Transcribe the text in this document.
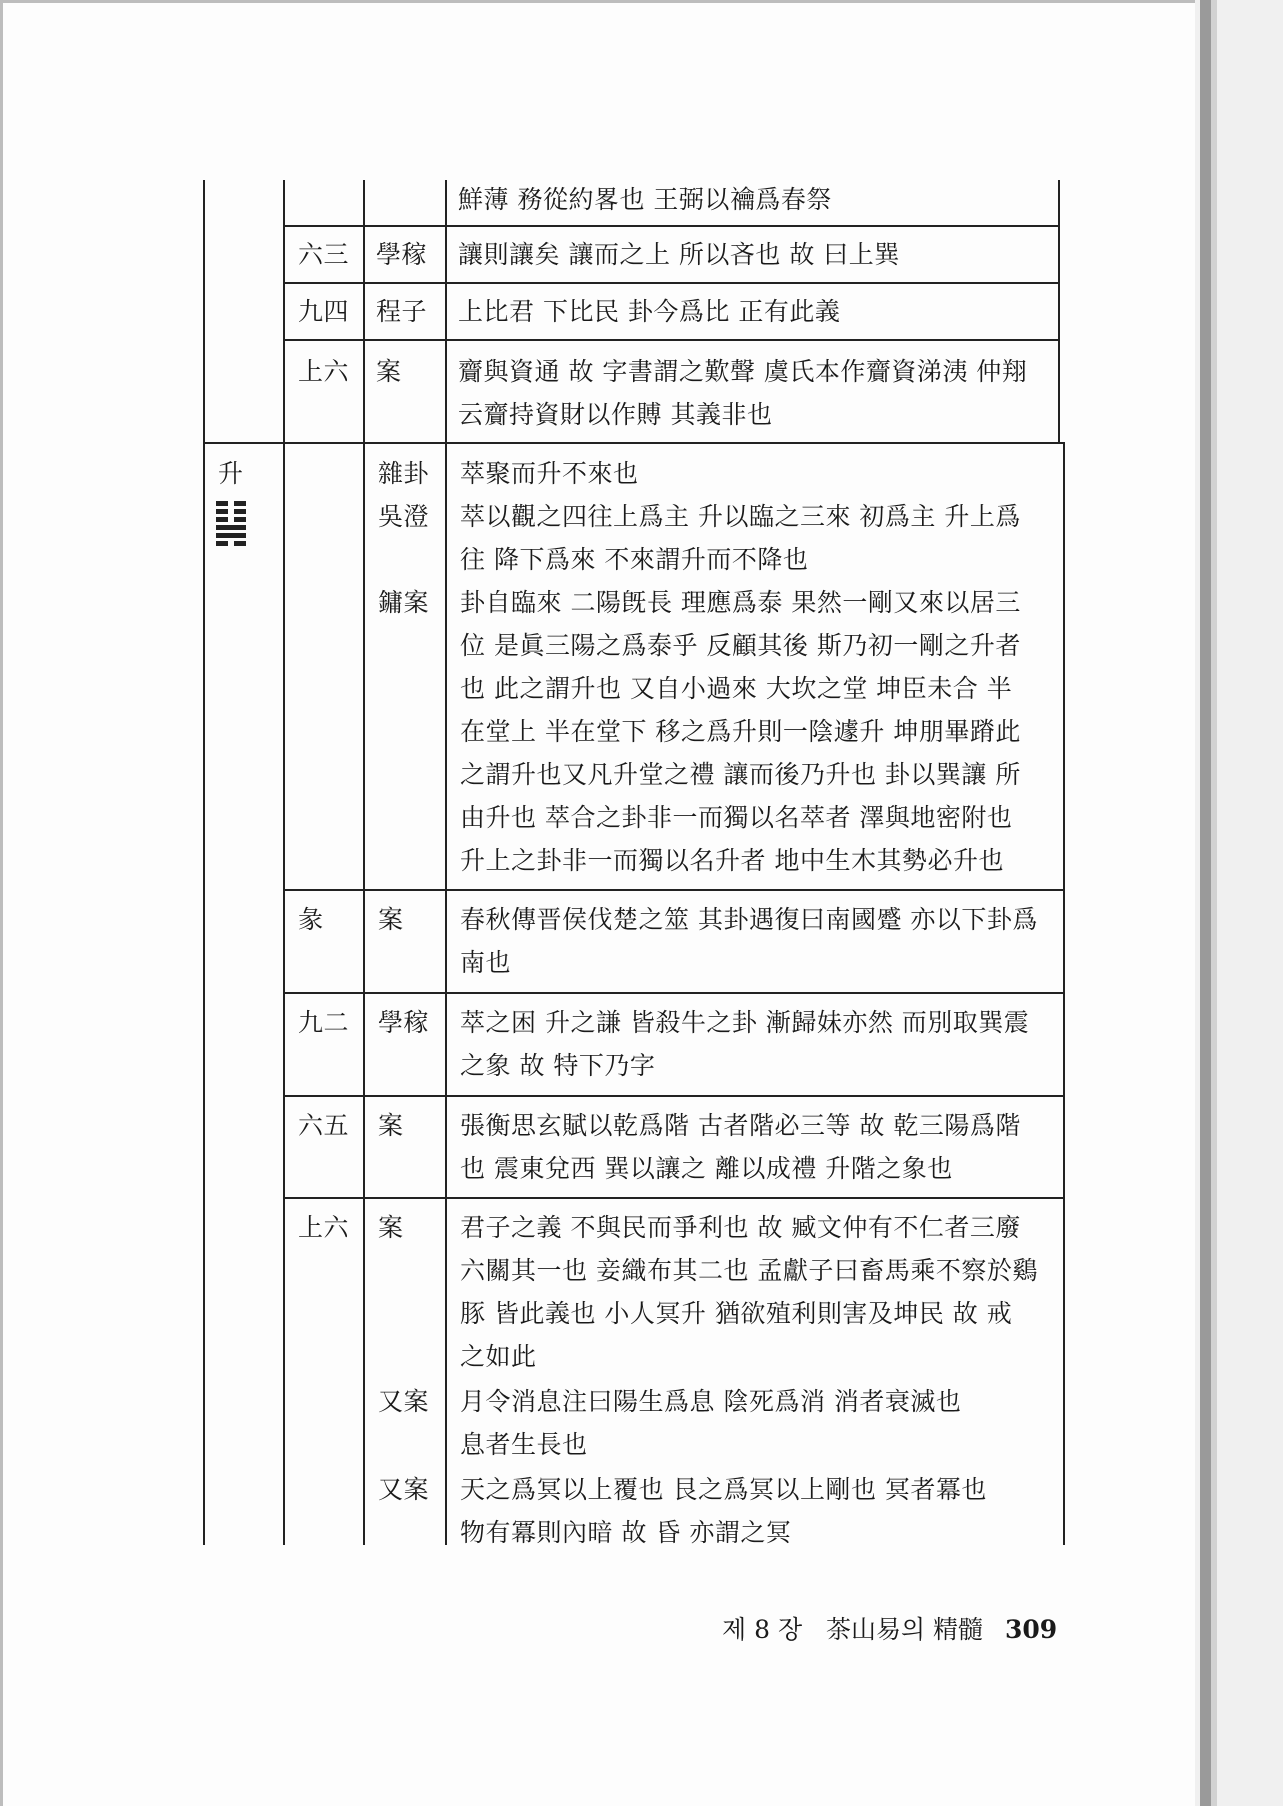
鮮薄 務從約畧也 王弼以禴爲春祭
六三 學稼 讓則讓矣 讓而之上 所以吝也 故 曰上巽
九四 程子 上比君 下比民 卦今爲比 正有此義
上六 案 齎與資通 故 字書謂之歎聲 虞氏本作齎資涕洟 仲翔
云齎持資財以作賻 其義非也
升	雜卦 萃聚而升不來也
吳澄 萃以觀之四往上爲主 升以臨之三來 初爲主 升上爲
往 降下爲來 不來謂升而不降也
鏞案 卦自臨來 二陽旣長 理應爲泰 果然一剛又來以居三
位 是眞三陽之爲泰乎 反顧其後 斯乃初一剛之升者
也 此之謂升也 又自小過來 大坎之堂 坤臣未合 半
在堂上 半在堂下 移之爲升則一陰遽升 坤朋畢蹐此
之謂升也又凡升堂之禮 讓而後乃升也 卦以巽讓 所
由升也 萃合之卦非一而獨以名萃者 澤與地密附也
升上之卦非一而獨以名升者 地中生木其勢必升也
彖 案 春秋傳晋侯伐楚之筮 其卦遇復曰南國蹙 亦以下卦爲
南也
九二 學稼 萃之困 升之謙 皆殺牛之卦 漸歸妹亦然 而別取巽震
之象 故 特下乃字
六五 案 張衡思玄賦以乾爲階 古者階必三等 故 乾三陽爲階
也 震東兌西 巽以讓之 離以成禮 升階之象也
上六 案 君子之義 不與民而爭利也 故 臧文仲有不仁者三廢
六關其一也 妾織布其二也 孟獻子曰畜馬乘不察於鷄
豚 皆此義也 小人冥升 猶欲殖利則害及坤民 故 戒
之如此
又案 月令消息注曰陽生爲息 陰死爲消 消者衰滅也
息者生長也
又案 天之爲冥以上覆也 艮之爲冥以上剛也 冥者冪也
物有冪則內暗 故 昏 亦謂之冥
제 8 장 茶山易의 精髓 309
